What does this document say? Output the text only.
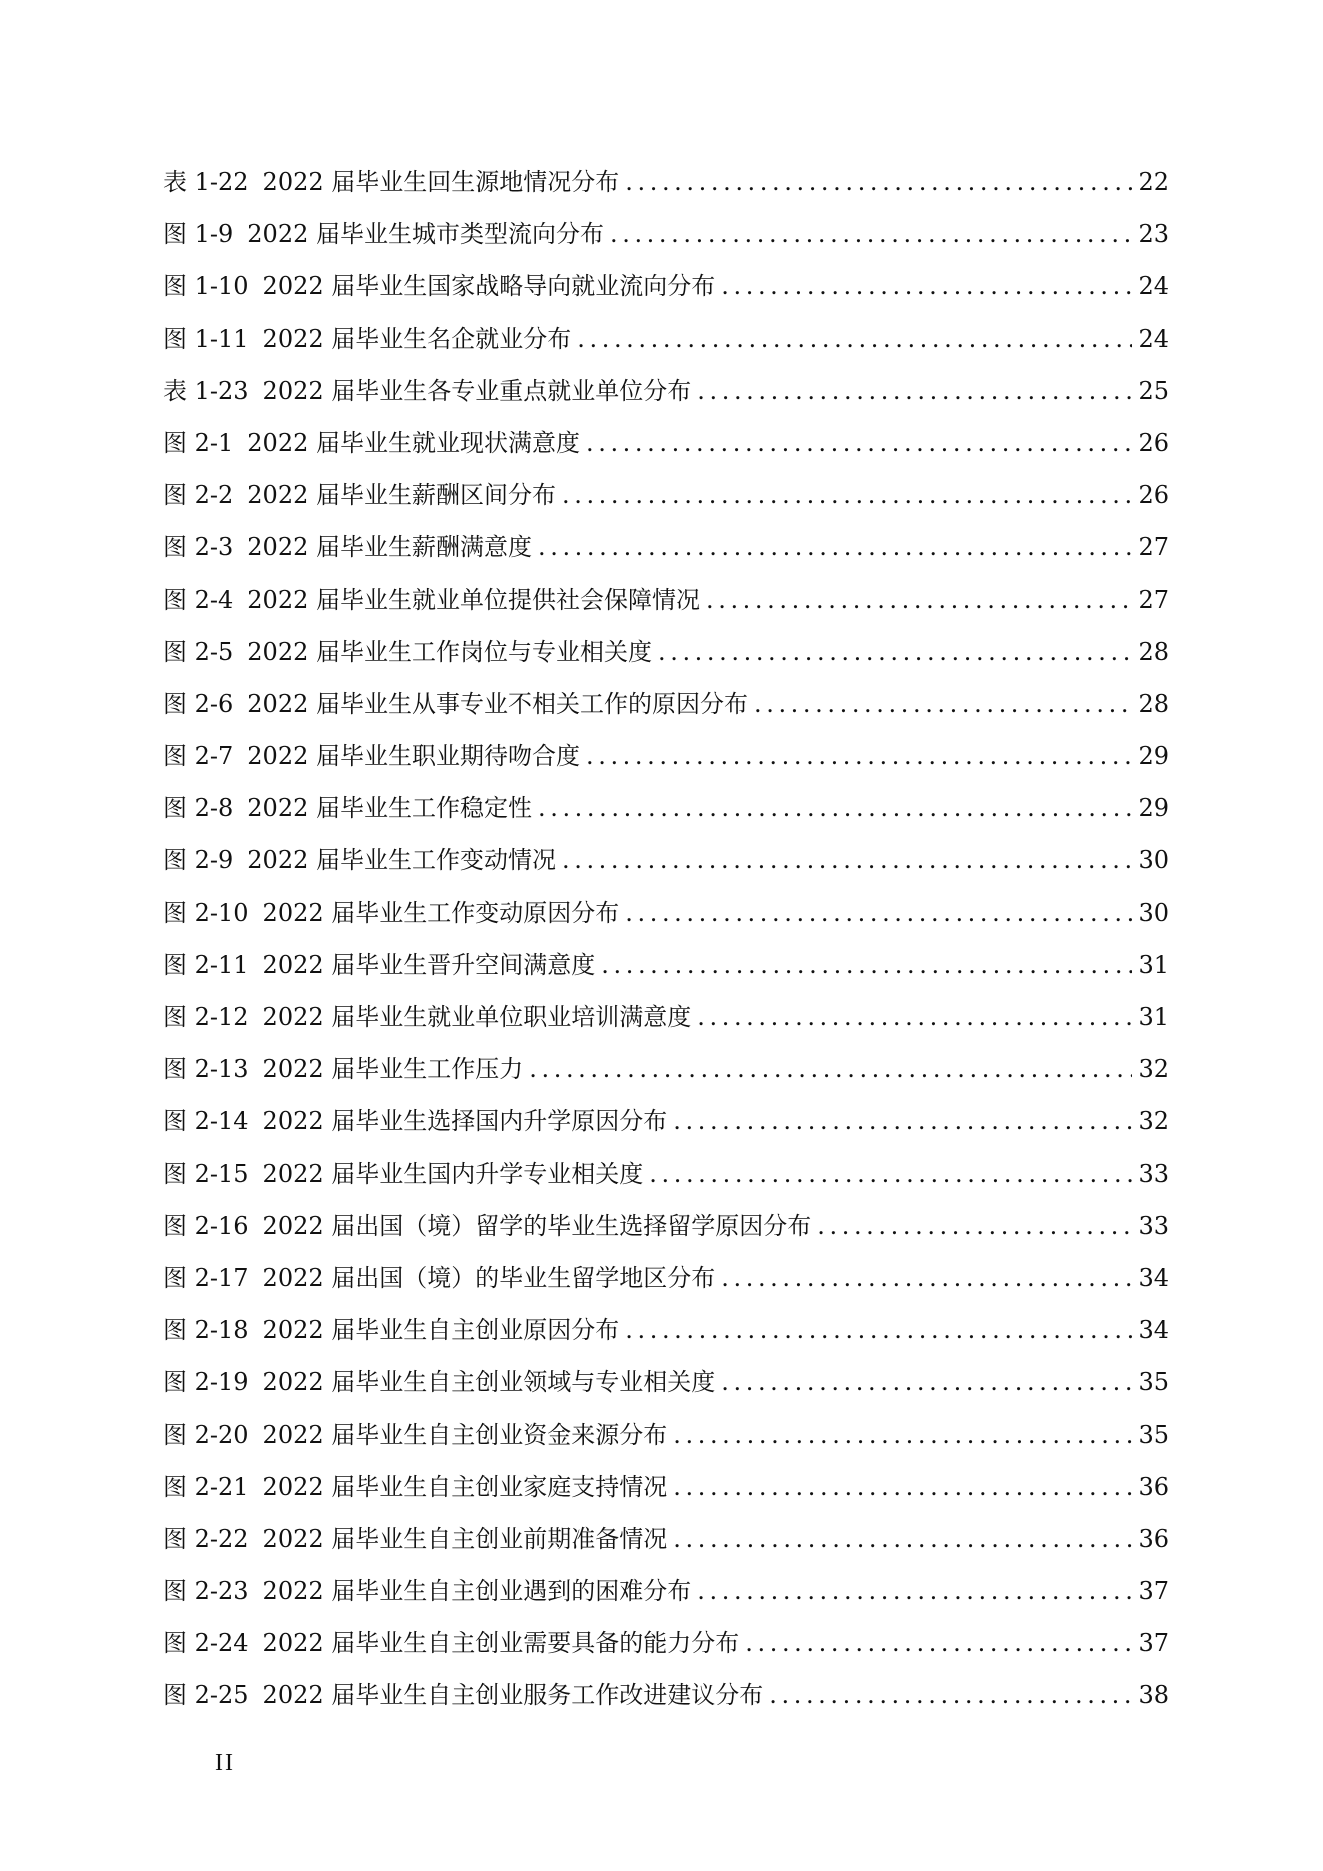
表 1-22 2022 届毕业生回生源地情况分布 .....	22
图 1-9 2022 届毕业生城市类型流向分布 .....	23
图 1-10 2022 届毕业生国家战略导向就业流向分布 .....	24
图 1-11 2022 届毕业生名企就业分布 .....	24
表 1-23 2022 届毕业生各专业重点就业单位分布 .....	25
图 2-1 2022 届毕业生就业现状满意度 .....	26
图 2-2 2022 届毕业生薪酬区间分布 .....	26
图 2-3 2022 届毕业生薪酬满意度 .....	27
图 2-4 2022 届毕业生就业单位提供社会保障情况 .....	27
图 2-5 2022 届毕业生工作岗位与专业相关度 .....	28
图 2-6 2022 届毕业生从事专业不相关工作的原因分布 .....	28
图 2-7 2022 届毕业生职业期待吻合度 .....	29
图 2-8 2022 届毕业生工作稳定性 .....	29
图 2-9 2022 届毕业生工作变动情况 .....	30
图 2-10 2022 届毕业生工作变动原因分布 .....	30
图 2-11 2022 届毕业生晋升空间满意度 .....	31
图 2-12 2022 届毕业生就业单位职业培训满意度 .....	31
图 2-13 2022 届毕业生工作压力 .....	32
图 2-14 2022 届毕业生选择国内升学原因分布 .....	32
图 2-15 2022 届毕业生国内升学专业相关度 .....	33
图 2-16 2022 届出国（境）留学的毕业生选择留学原因分布 .....	33
图 2-17 2022 届出国（境）的毕业生留学地区分布 .....	34
图 2-18 2022 届毕业生自主创业原因分布 .....	34
图 2-19 2022 届毕业生自主创业领域与专业相关度 .....	35
图 2-20 2022 届毕业生自主创业资金来源分布 .....	35
图 2-21 2022 届毕业生自主创业家庭支持情况 .....	36
图 2-22 2022 届毕业生自主创业前期准备情况 .....	36
图 2-23 2022 届毕业生自主创业遇到的困难分布 .....	37
图 2-24 2022 届毕业生自主创业需要具备的能力分布 .....	37
图 2-25 2022 届毕业生自主创业服务工作改进建议分布 .....	38
II
